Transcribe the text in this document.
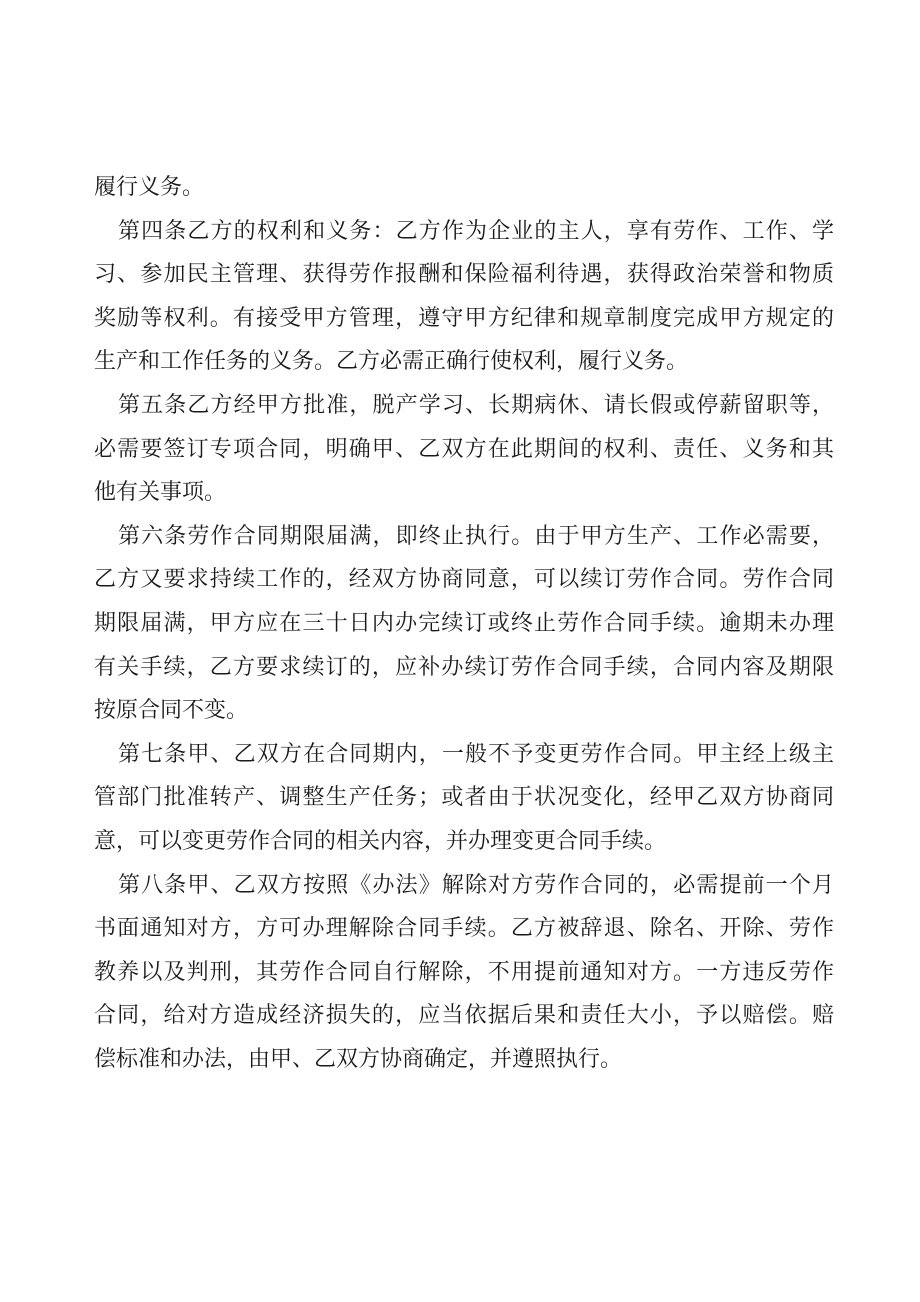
履行义务。
第四条乙方的权利和义务：乙方作为企业的主人，享有劳作、工作、学
习、参加民主管理、获得劳作报酬和保险福利待遇，获得政治荣誉和物质
奖励等权利。有接受甲方管理，遵守甲方纪律和规章制度完成甲方规定的
生产和工作任务的义务。乙方必需正确行使权利，履行义务。
第五条乙方经甲方批准，脱产学习、长期病休、请长假或停薪留职等，
必需要签订专项合同，明确甲、乙双方在此期间的权利、责任、义务和其
他有关事项。
第六条劳作合同期限届满，即终止执行。由于甲方生产、工作必需要，
乙方又要求持续工作的，经双方协商同意，可以续订劳作合同。劳作合同
期限届满，甲方应在三十日内办完续订或终止劳作合同手续。逾期未办理
有关手续，乙方要求续订的，应补办续订劳作合同手续，合同内容及期限
按原合同不变。
第七条甲、乙双方在合同期内，一般不予变更劳作合同。甲主经上级主
管部门批准转产、调整生产任务；或者由于状况变化，经甲乙双方协商同
意，可以变更劳作合同的相关内容，并办理变更合同手续。
第八条甲、乙双方按照《办法》解除对方劳作合同的，必需提前一个月
书面通知对方，方可办理解除合同手续。乙方被辞退、除名、开除、劳作
教养以及判刑，其劳作合同自行解除，不用提前通知对方。一方违反劳作
合同，给对方造成经济损失的，应当依据后果和责任大小，予以赔偿。赔
偿标准和办法，由甲、乙双方协商确定，并遵照执行。
